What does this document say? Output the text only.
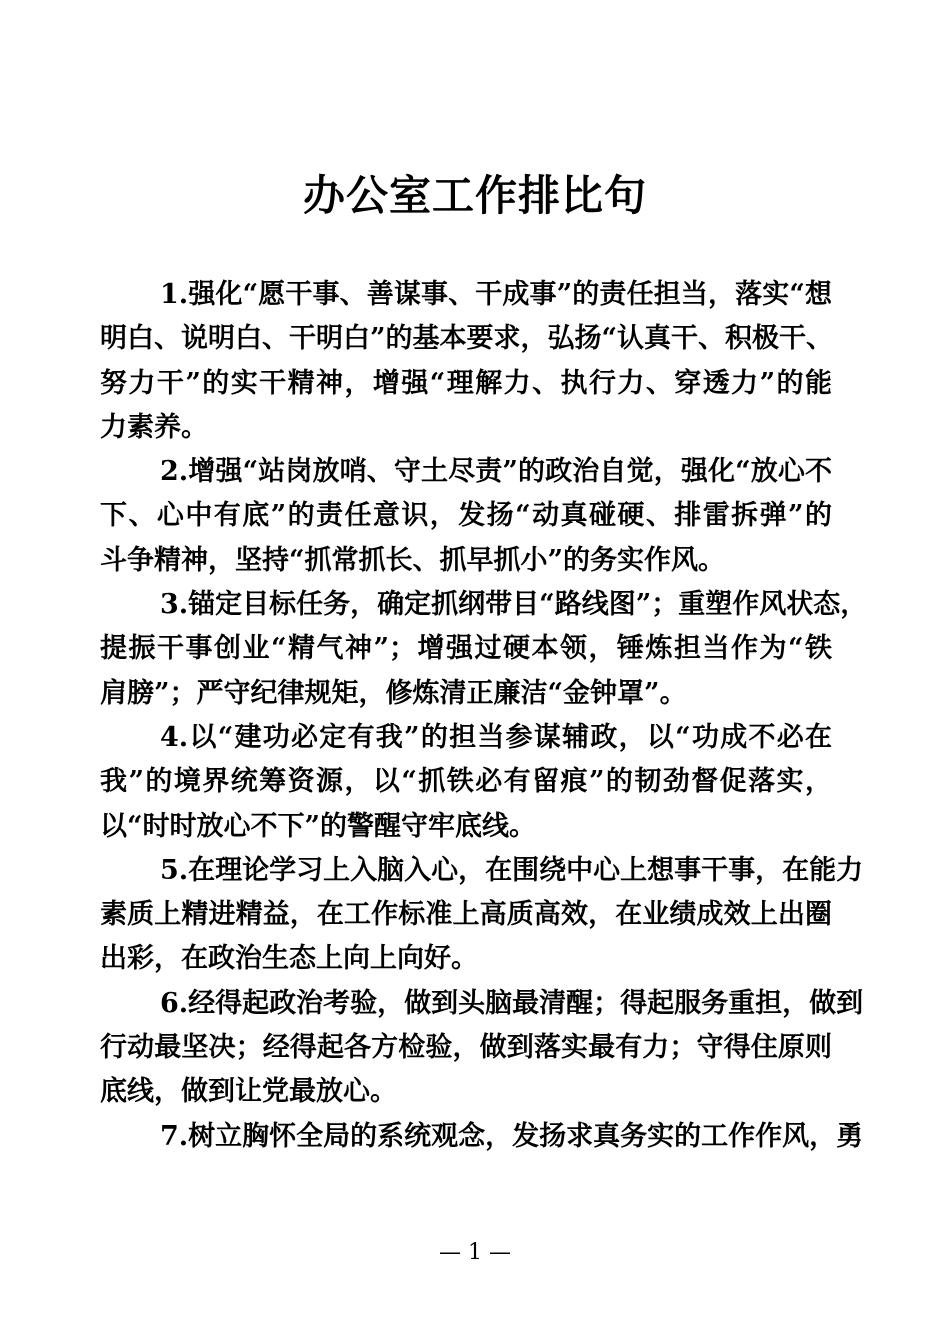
办公室工作排比句
1.强化“愿干事、善谋事、干成事”的责任担当，落实“想
明白、说明白、干明白”的基本要求，弘扬“认真干、积极干、
努力干”的实干精神，增强“理解力、执行力、穿透力”的能
力素养。
2.增强“站岗放哨、守土尽责”的政治自觉，强化“放心不
下、心中有底”的责任意识，发扬“动真碰硬、排雷拆弹”的
斗争精神，坚持“抓常抓长、抓早抓小”的务实作风。
3.锚定目标任务，确定抓纲带目“路线图”；重塑作风状态，
提振干事创业“精气神”；增强过硬本领，锤炼担当作为“铁
肩膀”；严守纪律规矩，修炼清正廉洁“金钟罩”。
4.以“建功必定有我”的担当参谋辅政，以“功成不必在
我”的境界统筹资源，以“抓铁必有留痕”的韧劲督促落实，
以“时时放心不下”的警醒守牢底线。
5.在理论学习上入脑入心，在围绕中心上想事干事，在能力
素质上精进精益，在工作标准上高质高效，在业绩成效上出圈
出彩，在政治生态上向上向好。
6.经得起政治考验，做到头脑最清醒；得起服务重担，做到
行动最坚决；经得起各方检验，做到落实最有力；守得住原则
底线，做到让党最放心。
7.树立胸怀全局的系统观念，发扬求真务实的工作作风，勇
— 1 —
